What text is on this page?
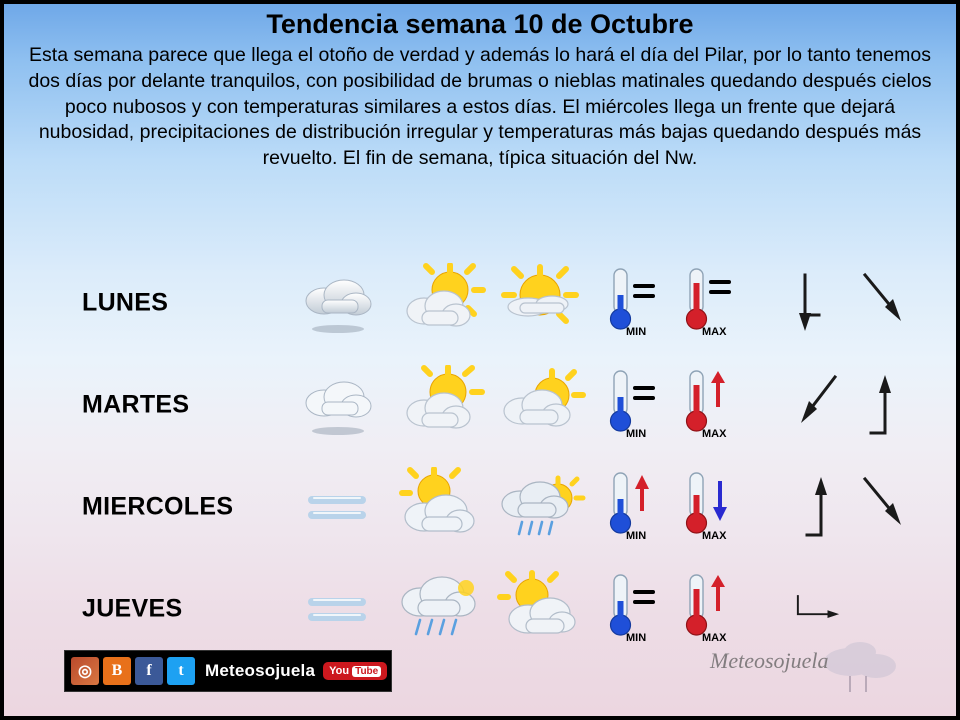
Tendencia semana 10 de Octubre
Esta semana parece que llega el otoño de verdad y además lo hará el día del Pilar, por lo tanto tenemos dos días por delante tranquilos, con posibilidad de brumas o nieblas matinales quedando después cielos poco nubosos y con temperaturas similares a estos días. El miércoles llega un frente que dejará nubosidad, precipitaciones de distribución irregular y temperaturas más bajas quedando después más revuelto. El fin de semana, típica situación del Nw.
LUNES
MIN	MAX
MARTES
MIN	MAX
MIERCOLES
MIN	MAX
JUEVES
MIN	MAX
◎	B	f	t	Meteosojuela You Tube	Meteosojuela
